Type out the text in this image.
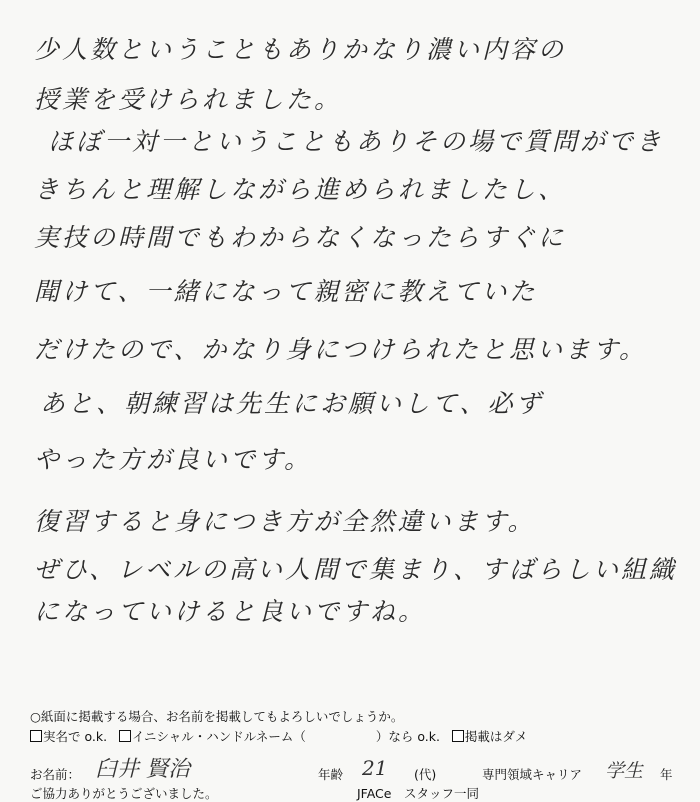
少人数ということもありかなり濃い内容の
授業を受けられました。
ほぼ一対一ということもありその場で質問ができ
きちんと理解しながら進められましたし、
実技の時間でもわからなくなったらすぐに
聞けて、一緒になって親密に教えていた
だけたので、かなり身につけられたと思います。
あと、朝練習は先生にお願いして、必ず
やった方が良いです。
復習すると身につき方が全然違います。
ぜひ、レベルの高い人間で集まり、すばらしい組織
になっていけると良いですね。
○紙面に掲載する場合、お名前を掲載してもよろしいでしょうか。
実名で o.k. イニシャル・ハンドルネーム（	）なら o.k. 掲載はダメ
お名前： 臼井 賢治	年齢 21 (代)	専門領域キャリア 学生 年
ご協力ありがとうございました。	JFACe　スタッフ一同
